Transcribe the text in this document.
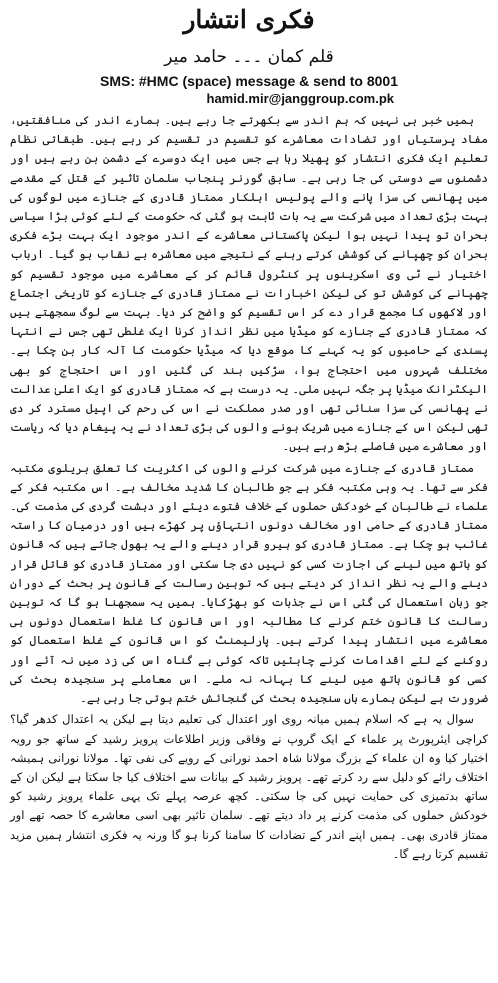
فکری انتشار
قلم کمان ۔۔۔ حامد میر
SMS: #HMC (space) message & send to 8001
hamid.mir@janggroup.com.pk

ہمیں خبر ہی نہیں کہ ہم اندر سے بکھرتے جا رہے ہیں۔ ہمارے اندر کی منافقتیں، مفاد پرستیاں اور تضادات معاشرے کو تقسیم در تقسیم کر رہے ہیں۔ طبقاتی نظام تعلیم ایک فکری انتشار کو پھیلا رہا ہے جس میں ایک دوسرے کے دشمن بن رہے ہیں اور دشمنوں سے دوستی کی جا رہی ہے۔ سابق گورنر پنجاب سلمان تاثیر کے قتل کے مقدمے میں پھانسی کی سزا پانے والے پولیس اہلکار ممتاز قادری کے جنازے میں لوگوں کی بہت بڑی تعداد میں شرکت سے یہ بات ثابت ہو گئی کہ حکومت کے لئے کوئی بڑا سیاسی بحران تو پیدا نہیں ہوا لیکن پاکستانی معاشرے کے اندر موجود ایک بہت بڑے فکری بحران کو چھپانے کی کوشش کرتے رہنے کے نتیجے میں معاشرہ بے نقاب ہو گیا۔ ارباب اختیار نے ٹی وی اسکرینوں پر کنٹرول قائم کر کے معاشرے میں موجود تقسیم کو چھپانے کی کوشش تو کی لیکن اخبارات نے ممتاز قادری کے جنازے کو تاریخی اجتماع اور لاکھوں کا مجمع قرار دے کر اس تقسیم کو واضح کر دیا۔ بہت سے لوگ سمجھتے ہیں کہ ممتاز قادری کے جنازے کو میڈیا میں نظر انداز کرنا ایک غلطی تھی جس نے انتہا پسندی کے حامیوں کو یہ کہنے کا موقع دیا کہ میڈیا حکومت کا آلہ کار بن چکا ہے۔ مختلف شہروں میں احتجاج ہوا، سڑکیں بند کی گئیں اور اس احتجاج کو بھی الیکٹرانک میڈیا پر جگہ نہیں ملی۔ یہ درست ہے کہ ممتاز قادری کو ایک اعلیٰ عدالت نے پھانسی کی سزا سنائی تھی اور صدر مملکت نے اس کی رحم کی اپیل مسترد کر دی تھی لیکن اس کے جنازے میں شریک ہونے والوں کی بڑی تعداد نے یہ پیغام دیا کہ ریاست اور معاشرے میں فاصلے بڑھ رہے ہیں۔

ممتاز قادری کے جنازے میں شرکت کرنے والوں کی اکثریت کا تعلق بریلوی مکتبہ فکر سے تھا۔ یہ وہی مکتبہ فکر ہے جو طالبان کا شدید مخالف ہے۔ اس مکتبہ فکر کے علماء نے طالبان کے خودکش حملوں کے خلاف فتوے دیئے اور دہشت گردی کی مذمت کی۔ ممتاز قادری کے حامی اور مخالف دونوں انتہاؤں پر کھڑے ہیں اور درمیان کا راستہ غائب ہو چکا ہے۔ ممتاز قادری کو ہیرو قرار دینے والے یہ بھول جاتے ہیں کہ قانون کو ہاتھ میں لینے کی اجازت کسی کو نہیں دی جا سکتی اور ممتاز قادری کو قاتل قرار دینے والے یہ نظر انداز کر دیتے ہیں کہ توہین رسالت کے قانون پر بحث کے دوران جو زبان استعمال کی گئی اس نے جذبات کو بھڑکایا۔ ہمیں یہ سمجھنا ہو گا کہ توہین رسالت کا قانون ختم کرنے کا مطالبہ اور اس قانون کا غلط استعمال دونوں ہی معاشرے میں انتشار پیدا کرتے ہیں۔ پارلیمنٹ کو اس قانون کے غلط استعمال کو روکنے کے لئے اقدامات کرنے چاہئیں تاکہ کوئی بے گناہ اس کی زد میں نہ آئے اور کسی کو قانون ہاتھ میں لینے کا بہانہ نہ ملے۔ اس معاملے پر سنجیدہ بحث کی ضرورت ہے لیکن ہمارے ہاں سنجیدہ بحث کی گنجائش ختم ہوتی جا رہی ہے۔

سوال یہ ہے کہ اسلام ہمیں میانہ روی اور اعتدال کی تعلیم دیتا ہے لیکن یہ اعتدال کدھر گیا؟ کراچی ایئرپورٹ پر علماء کے ایک گروپ نے وفاقی وزیر اطلاعات پرویز رشید کے ساتھ جو رویہ اختیار کیا وہ ان علماء کے بزرگ مولانا شاہ احمد نورانی کے رویے کی نفی تھا۔ مولانا نورانی ہمیشہ اختلاف رائے کو دلیل سے رد کرتے تھے۔ پرویز رشید کے بیانات سے اختلاف کیا جا سکتا ہے لیکن ان کے ساتھ بدتمیزی کی حمایت نہیں کی جا سکتی۔ کچھ عرصہ پہلے تک یہی علماء پرویز رشید کو خودکش حملوں کی مذمت کرنے پر داد دیتے تھے۔ سلمان تاثیر بھی اسی معاشرے کا حصہ تھے اور ممتاز قادری بھی۔ ہمیں اپنے اندر کے تضادات کا سامنا کرنا ہو گا ورنہ یہ فکری انتشار ہمیں مزید تقسیم کرتا رہے گا۔
